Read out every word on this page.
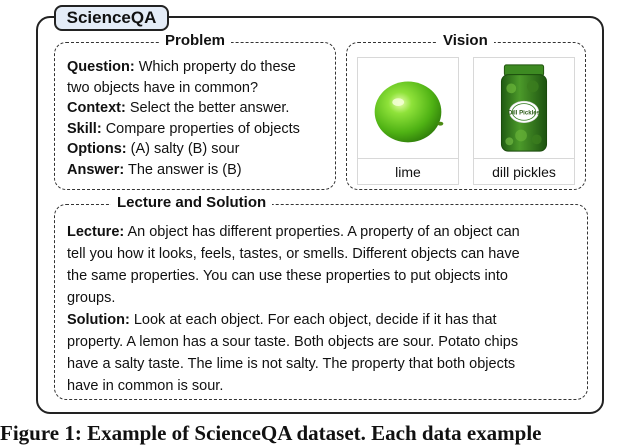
ScienceQA
Problem
Question: Which property do these
two objects have in common?
Context: Select the better answer.
Skill: Compare properties of objects
Options: (A) salty (B) sour
Answer: The answer is (B)
Vision
lime
Dill Pickles
dill pickles
Lecture and Solution
Lecture: An object has different properties. A property of an object can
tell you how it looks, feels, tastes, or smells. Different objects can have
the same properties. You can use these properties to put objects into
groups.
Solution: Look at each object. For each object, decide if it has that
property. A lemon has a sour taste. Both objects are sour. Potato chips
have a salty taste. The lime is not salty. The property that both objects
have in common is sour.
Figure 1: Example of ScienceQA dataset. Each data example
